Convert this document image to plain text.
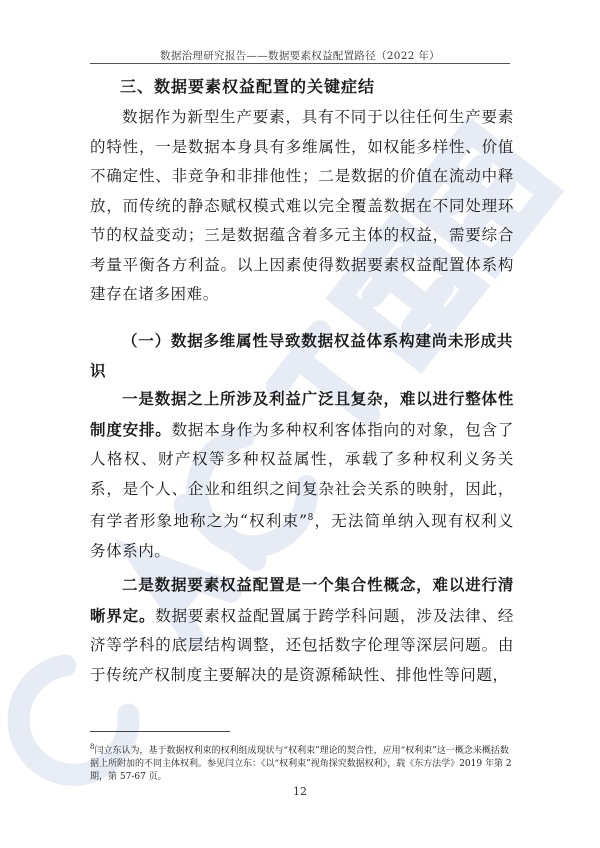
数据治理研究报告——数据要素权益配置路径（2022 年）
三、数据要素权益配置的关键症结

数据作为新型生产要素，具有不同于以往任何生产要素的特性，一是数据本身具有多维属性，如权能多样性、价值不确定性、非竞争和非排他性；二是数据的价值在流动中释放，而传统的静态赋权模式难以完全覆盖数据在不同处理环节的权益变动；三是数据蕴含着多元主体的权益，需要综合考量平衡各方利益。以上因素使得数据要素权益配置体系构建存在诸多困难。

（一）数据多维属性导致数据权益体系构建尚未形成共识

一是数据之上所涉及利益广泛且复杂，难以进行整体性制度安排。数据本身作为多种权利客体指向的对象，包含了人格权、财产权等多种权益属性，承载了多种权利义务关系，是个人、企业和组织之间复杂社会关系的映射，因此，有学者形象地称之为“权利束”$^8$，无法简单纳入现有权利义务体系内。

二是数据要素权益配置是一个集合性概念，难以进行清晰界定。数据要素权益配置属于跨学科问题，涉及法律、经济等学科的底层结构调整，还包括数字伦理等深层问题。由于传统产权制度主要解决的是资源稀缺性、排他性等问题，

$^8$闫立东认为，基于数据权利束的权利组成现状与“权利束”理论的契合性，应用“权利束”这一概念来概括数据上所附加的不同主体权利。参见闫立东：《以“权利束”视角探究数据权利》，载《东方法学》2019 年第 2 期，第 57-67 页。

12
